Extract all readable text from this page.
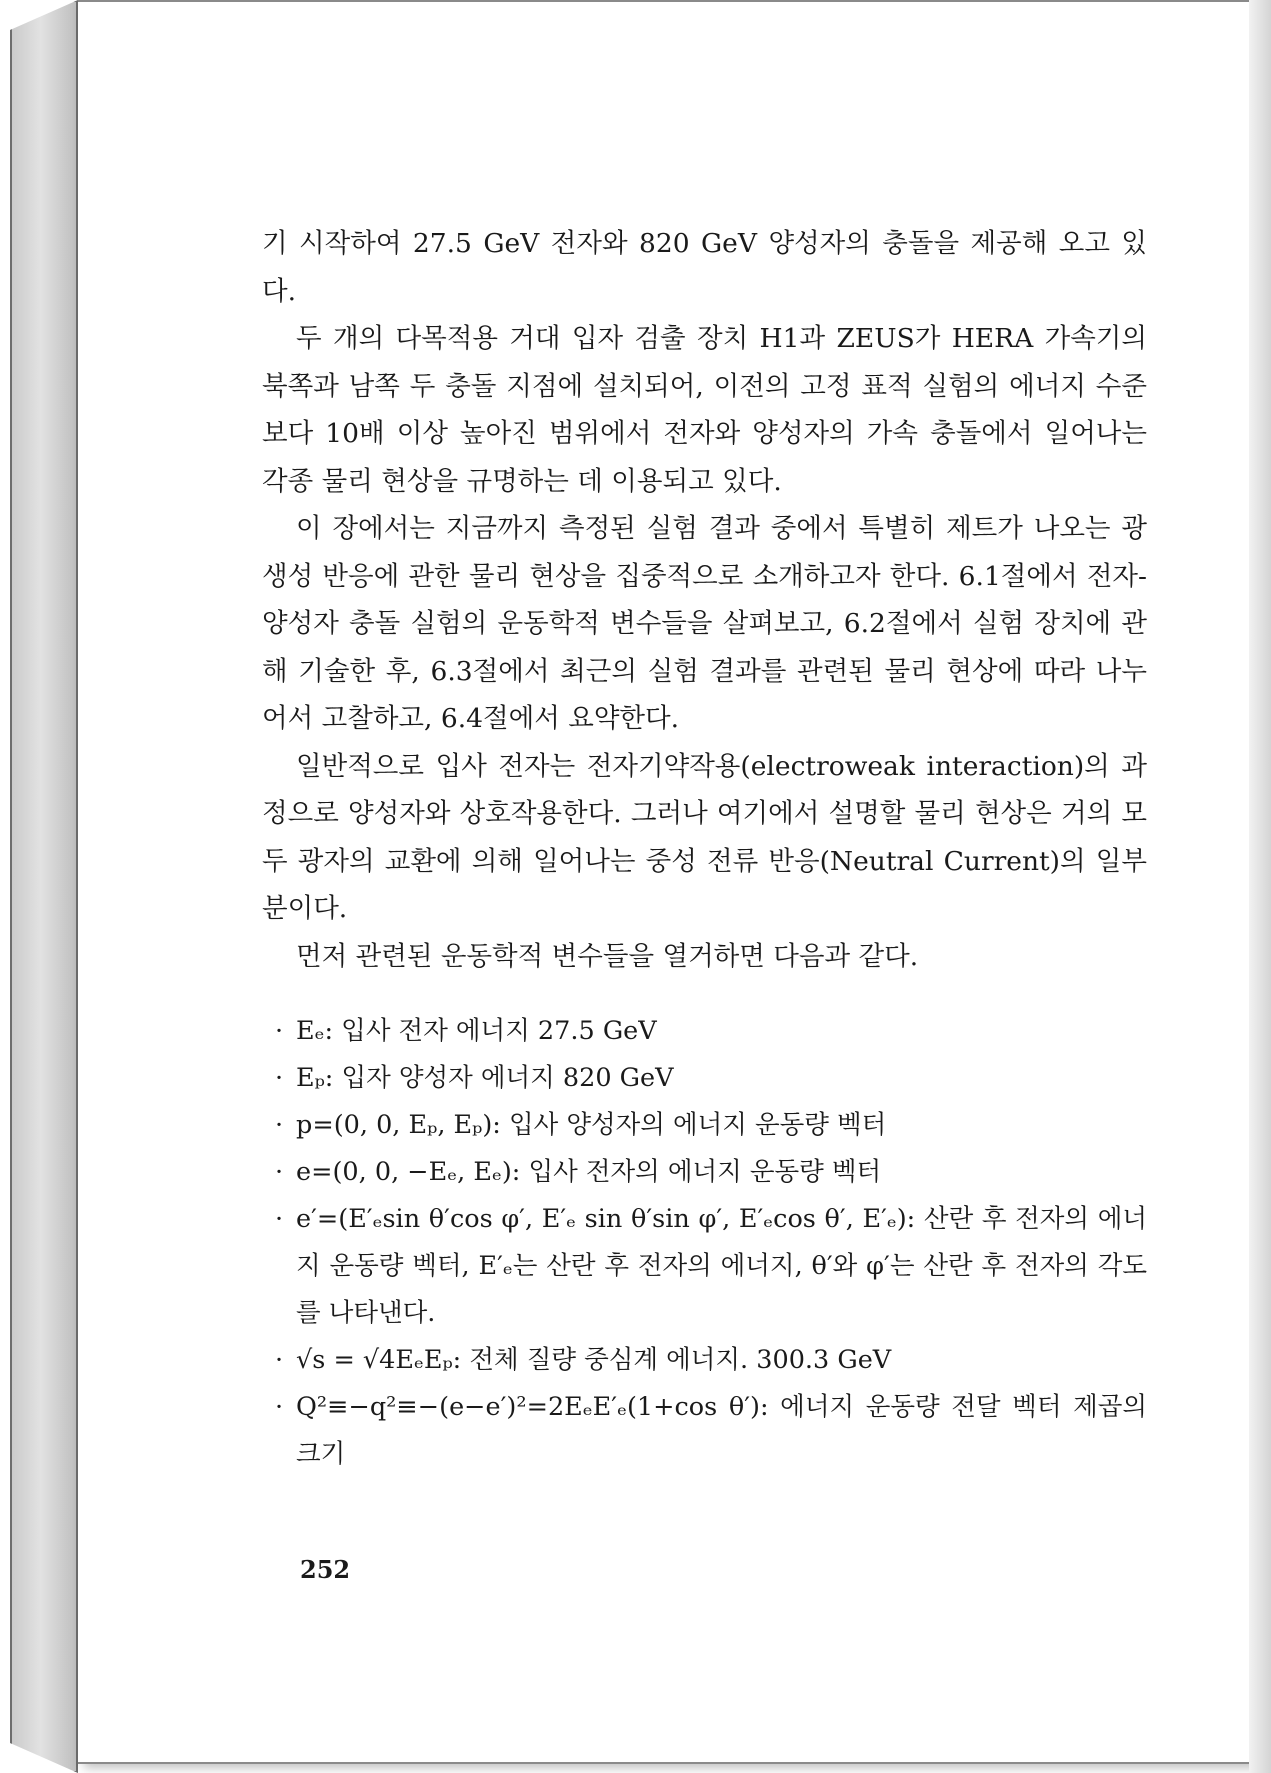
기 시작하여 27.5 GeV 전자와 820 GeV 양성자의 충돌을 제공해 오고 있다.

두 개의 다목적용 거대 입자 검출 장치 H1과 ZEUS가 HERA 가속기의 북쪽과 남쪽 두 충돌 지점에 설치되어, 이전의 고정 표적 실험의 에너지 수준보다 10배 이상 높아진 범위에서 전자와 양성자의 가속 충돌에서 일어나는 각종 물리 현상을 규명하는 데 이용되고 있다.

이 장에서는 지금까지 측정된 실험 결과 중에서 특별히 제트가 나오는 광생성 반응에 관한 물리 현상을 집중적으로 소개하고자 한다. 6.1절에서 전자-양성자 충돌 실험의 운동학적 변수들을 살펴보고, 6.2절에서 실험 장치에 관해 기술한 후, 6.3절에서 최근의 실험 결과를 관련된 물리 현상에 따라 나누어서 고찰하고, 6.4절에서 요약한다.

일반적으로 입사 전자는 전자기약작용(electroweak interaction)의 과정으로 양성자와 상호작용한다. 그러나 여기에서 설명할 물리 현상은 거의 모두 광자의 교환에 의해 일어나는 중성 전류 반응(Neutral Current)의 일부분이다.

먼저 관련된 운동학적 변수들을 열거하면 다음과 같다.

· Eₑ: 입사 전자 에너지 27.5 GeV

· Eₚ: 입자 양성자 에너지 820 GeV

· p=(0, 0, Eₚ, Eₚ): 입사 양성자의 에너지 운동량 벡터

· e=(0, 0, −Eₑ, Eₑ): 입사 전자의 에너지 운동량 벡터

· e′=(E′ₑsin θ′cos φ′, E′ₑ sin θ′sin φ′, E′ₑcos θ′, E′ₑ): 산란 후 전자의 에너지 운동량 벡터, E′ₑ는 산란 후 전자의 에너지, θ′와 φ′는 산란 후 전자의 각도를 나타낸다.

· √s = √4EₑEₚ: 전체 질량 중심계 에너지. 300.3 GeV

· Q²≡−q²≡−(e−e′)²=2EₑE′ₑ(1+cos θ′): 에너지 운동량 전달 벡터 제곱의 크기

252
